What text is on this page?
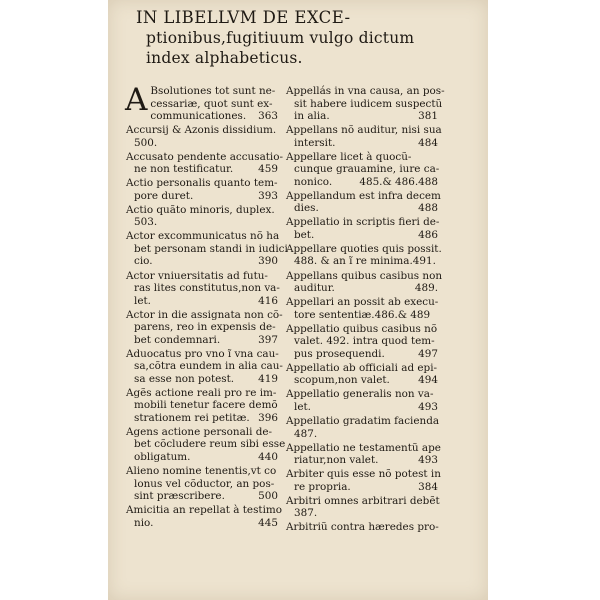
IN LIBELLVM DE EXCE-
ptionibus,fugitiuum vulgo dictum
index alphabeticus.
A Bsolutiones tot sunt ne-
cessariæ, quot sunt ex-
communicationes. 363
Accursij & Azonis dissidium.
500.
Accusato pendente accusatio-
ne non testificatur. 459
Actio personalis quanto tem-
pore duret.	393
Actio quãto minoris, duplex.
503.
Actor excommunicatus nõ ha
bet personam standi in iudici
cio.	390
Actor vniuersitatis ad futu-
ras lites constitutus,non va-
let.	416
Actor in die assignata non cõ-
parens, reo in expensis de-
bet condemnari.	397
Aduocatus pro vno ĩ vna cau-
sa,cõtra eundem in alia cau-
sa esse non potest. 419
Agẽs actione reali pro re im-
mobili tenetur facere demõ
strationem rei petitæ. 396
Agens actione personali de-
bet cõcludere reum sibi esse
obligatum.	440
Alieno nomine tenentis,vt co
lonus vel cõductor, an pos-
sint præscribere.	500
Amicitia an repellat à testimo
nio.	445
Appellás in vna causa, an pos-
sit habere iudicem suspectũ
in alia.	381
Appellans nõ auditur, nisi sua
intersit.	484
Appellare licet à quocũ-
cunque grauamine, iure ca-
nonico.	485.& 486.488
Appellandum est infra decem
dies.	488
Appellatio in scriptis fieri de-
bet.	486
Appellare quoties quis possit.
488. & an ĩ re minima.491.
Appellans quibus casibus non
auditur.	489.
Appellari an possit ab execu-
tore sententiæ.486.& 489
Appellatio quibus casibus nõ
valet. 492. intra quod tem-
pus prosequendi.	497
Appellatio ab officiali ad epi-
scopum,non valet.	494
Appellatio generalis non va-
let.	493
Appellatio gradatim facienda
487.
Appellatio ne testamentũ ape
riatur,non valet.	493
Arbiter quis esse nõ potest in
re propria.	384
Arbitri omnes arbitrari debẽt
387.
Arbitriũ contra hæredes pro-
